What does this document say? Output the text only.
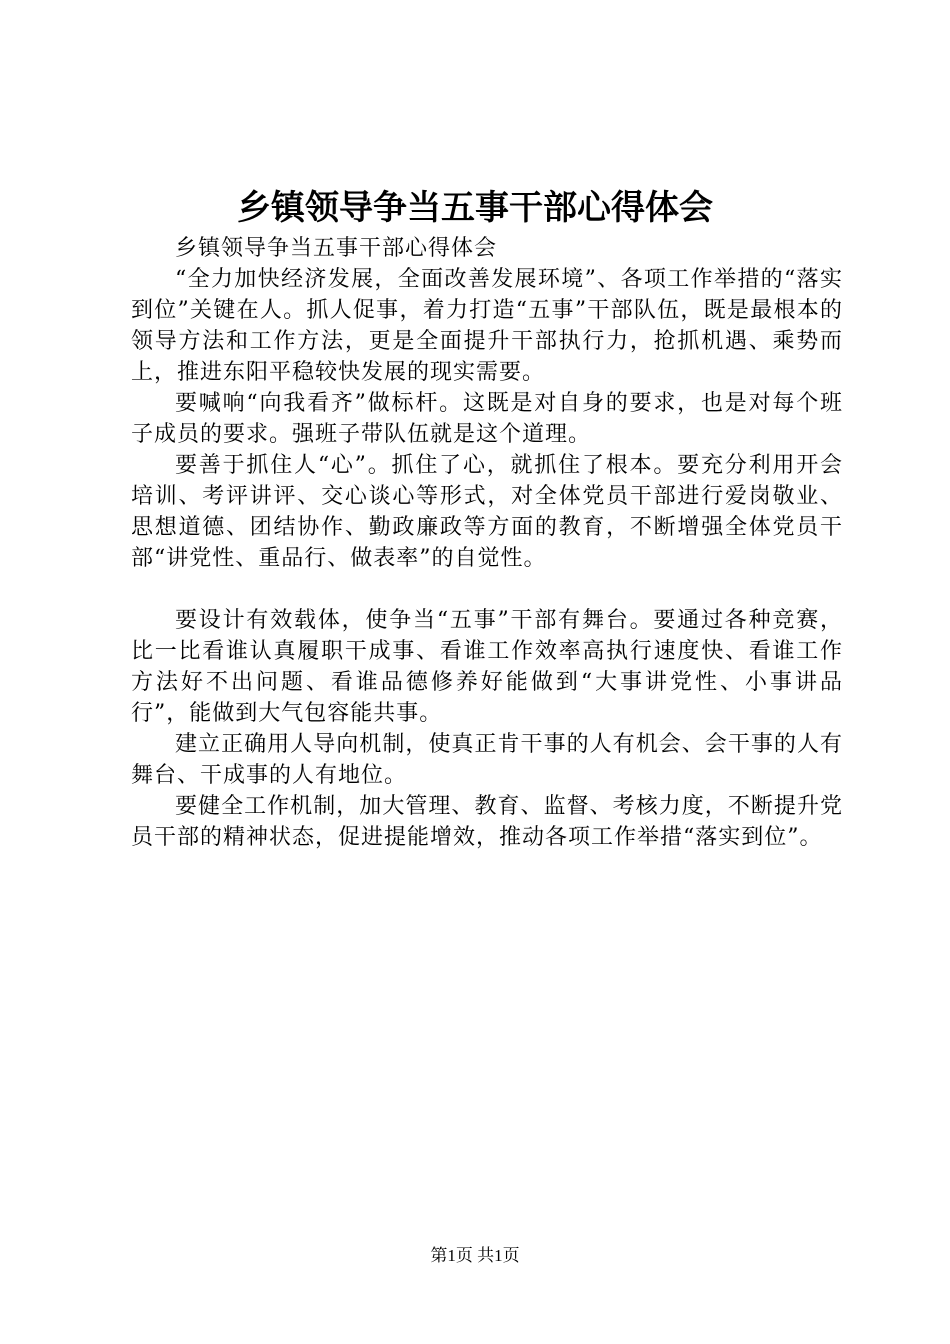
乡镇领导争当五事干部心得体会

乡镇领导争当五事干部心得体会

“全力加快经济发展，全面改善发展环境”、各项工作举措的“落实到位”关键在人。抓人促事，着力打造“五事”干部队伍，既是最根本的领导方法和工作方法，更是全面提升干部执行力，抢抓机遇、乘势而上，推进东阳平稳较快发展的现实需要。

要喊响“向我看齐”做标杆。这既是对自身的要求，也是对每个班子成员的要求。强班子带队伍就是这个道理。

要善于抓住人“心”。抓住了心，就抓住了根本。要充分利用开会培训、考评讲评、交心谈心等形式，对全体党员干部进行爱岗敬业、思想道德、团结协作、勤政廉政等方面的教育，不断增强全体党员干部“讲党性、重品行、做表率”的自觉性。

要设计有效载体，使争当“五事”干部有舞台。要通过各种竞赛，比一比看谁认真履职干成事、看谁工作效率高执行速度快、看谁工作方法好不出问题、看谁品德修养好能做到“大事讲党性、小事讲品行”，能做到大气包容能共事。

建立正确用人导向机制，使真正肯干事的人有机会、会干事的人有舞台、干成事的人有地位。

要健全工作机制，加大管理、教育、监督、考核力度，不断提升党员干部的精神状态，促进提能增效，推动各项工作举措“落实到位”。

第1页 共1页
